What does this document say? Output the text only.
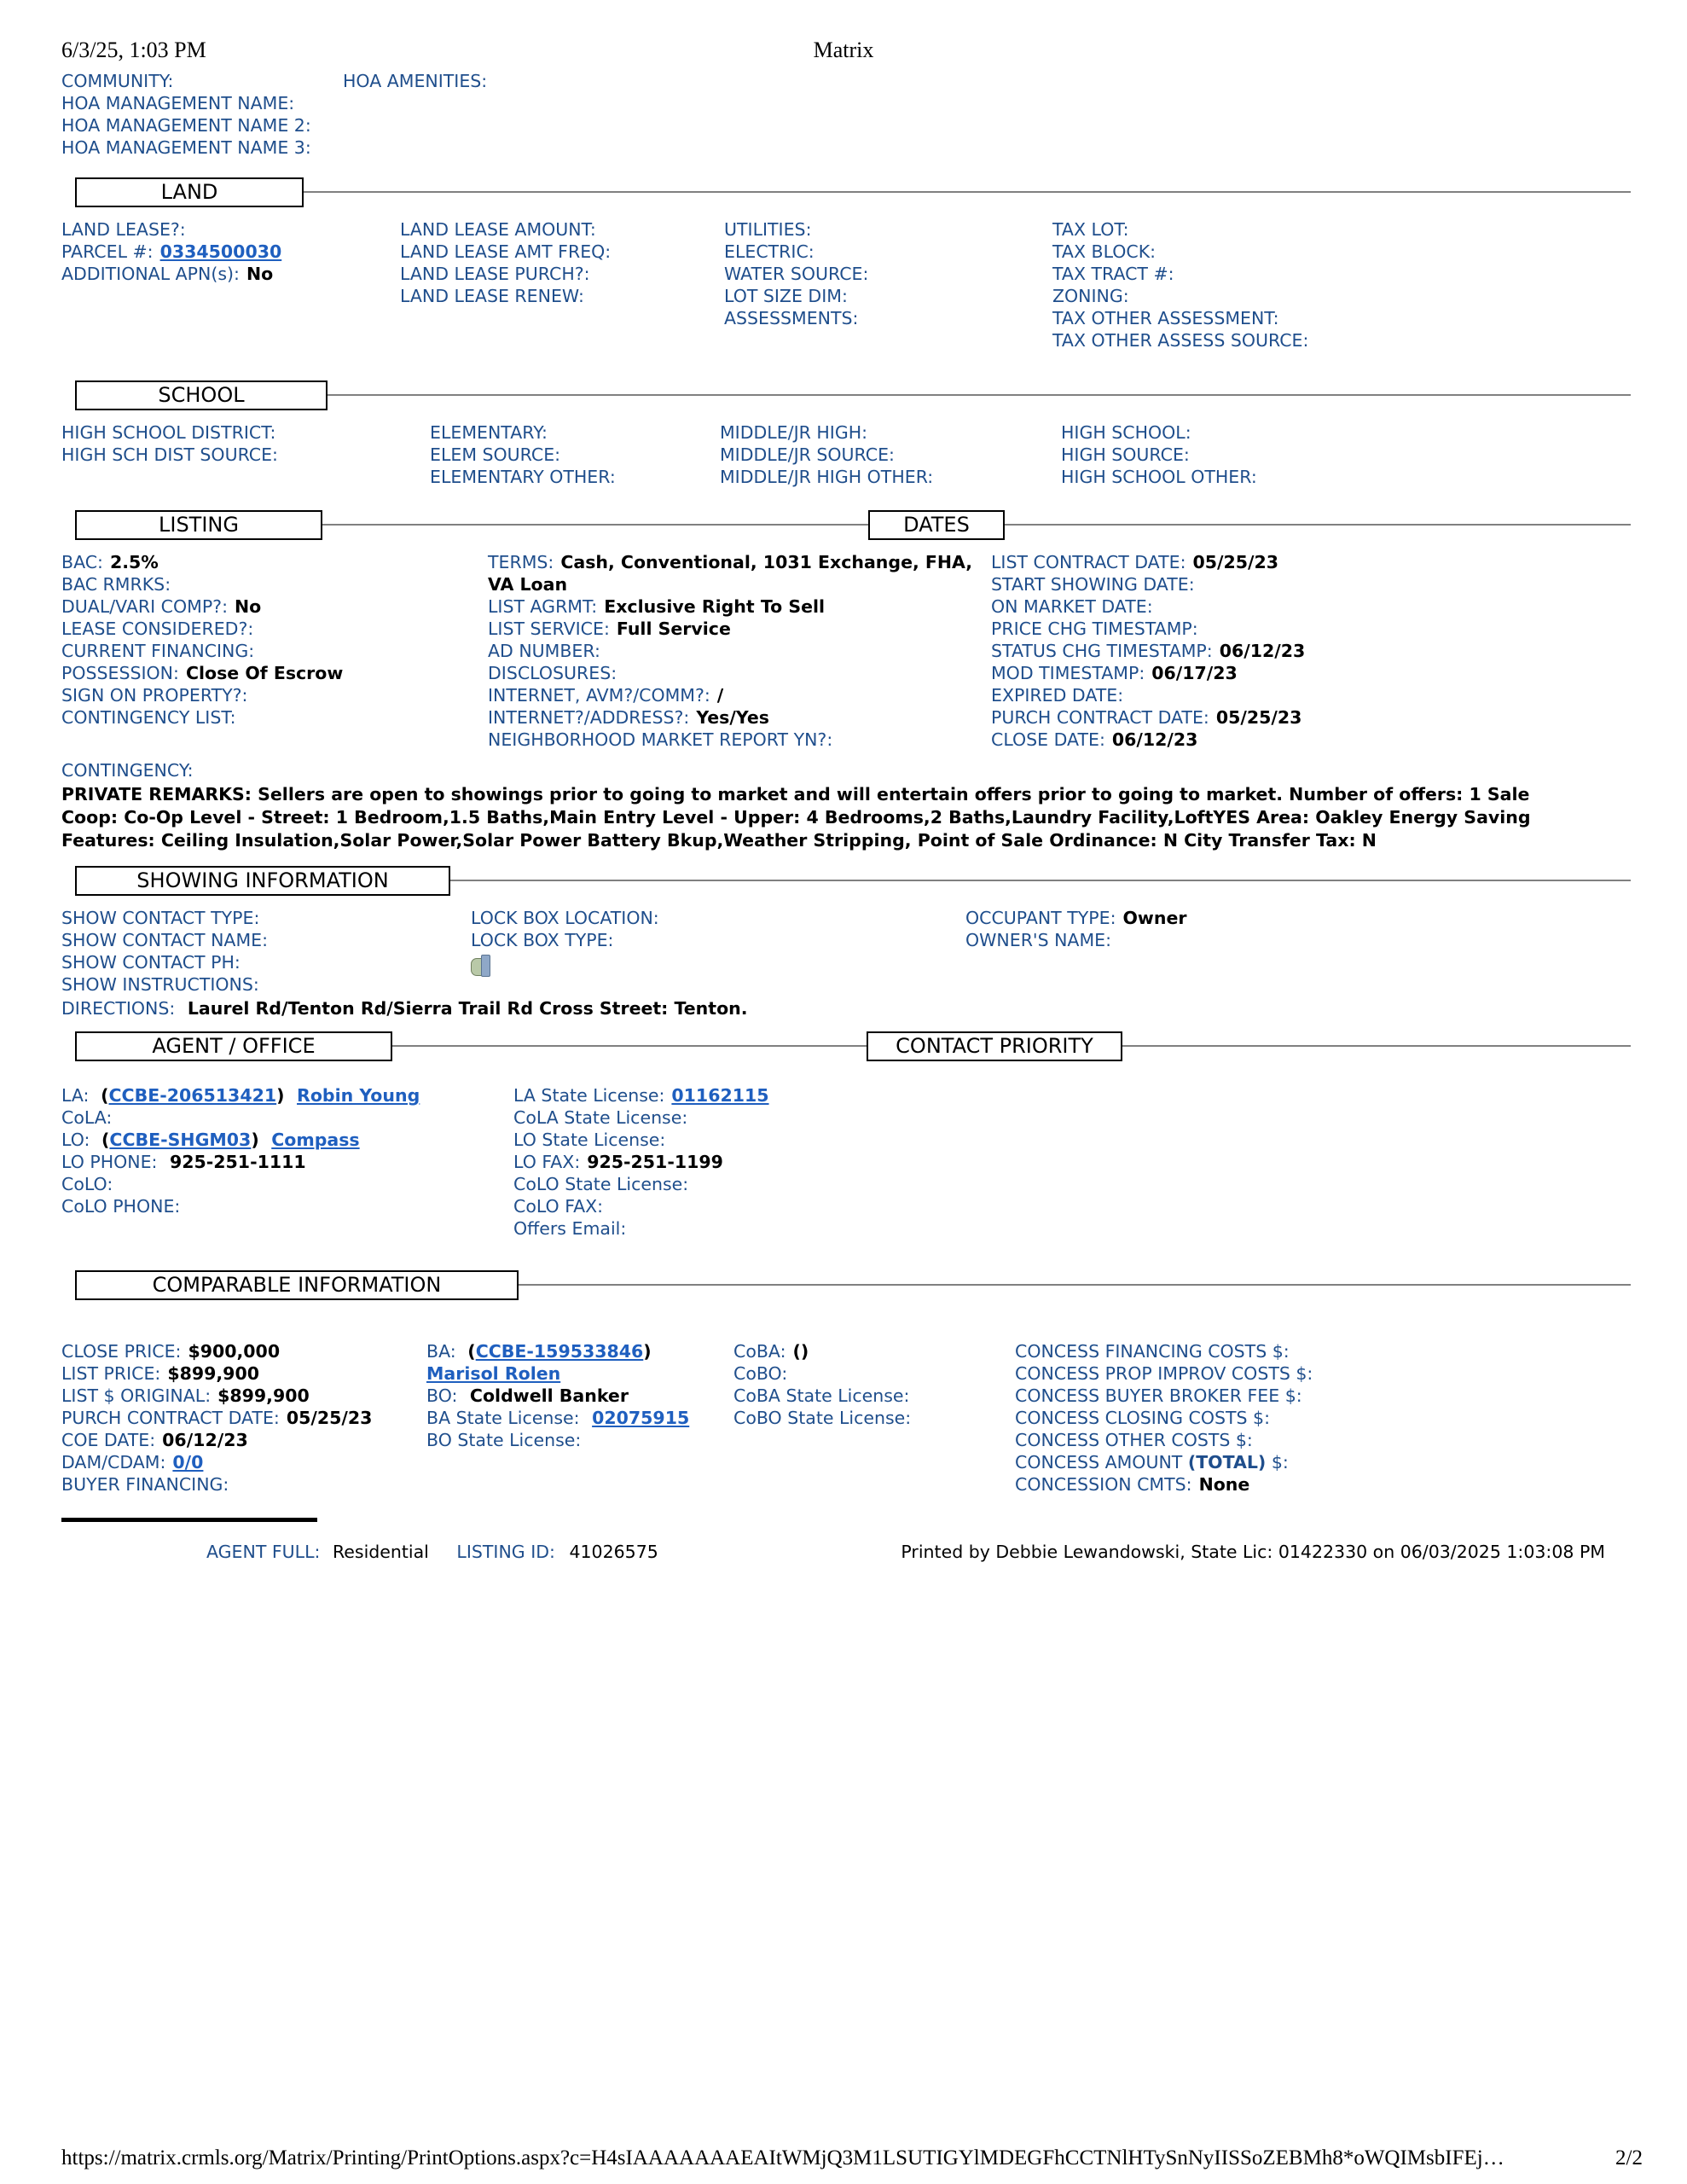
6/3/25, 1:03 PM	Matrix
COMMUNITY:
HOA MANAGEMENT NAME:
HOA MANAGEMENT NAME 2:
HOA MANAGEMENT NAME 3:
HOA AMENITIES:
LAND
LAND LEASE?:
PARCEL #: 0334500030
ADDITIONAL APN(s): No
LAND LEASE AMOUNT:
LAND LEASE AMT FREQ:
LAND LEASE PURCH?:
LAND LEASE RENEW:
UTILITIES:
ELECTRIC:
WATER SOURCE:
LOT SIZE DIM:
ASSESSMENTS:
TAX LOT:
TAX BLOCK:
TAX TRACT #:
ZONING:
TAX OTHER ASSESSMENT:
TAX OTHER ASSESS SOURCE:
SCHOOL
HIGH SCHOOL DISTRICT:
HIGH SCH DIST SOURCE:
ELEMENTARY:
ELEM SOURCE:
ELEMENTARY OTHER:
MIDDLE/JR HIGH:
MIDDLE/JR SOURCE:
MIDDLE/JR HIGH OTHER:
HIGH SCHOOL:
HIGH SOURCE:
HIGH SCHOOL OTHER:
LISTING	DATES
BAC: 2.5%
BAC RMRKS:
DUAL/VARI COMP?: No
LEASE CONSIDERED?:
CURRENT FINANCING:
POSSESSION: Close Of Escrow
SIGN ON PROPERTY?:
CONTINGENCY LIST:
TERMS: Cash, Conventional, 1031 Exchange, FHA, VA Loan
LIST AGRMT: Exclusive Right To Sell
LIST SERVICE: Full Service
AD NUMBER:
DISCLOSURES:
INTERNET, AVM?/COMM?: /
INTERNET?/ADDRESS?: Yes/Yes
NEIGHBORHOOD MARKET REPORT YN?:
LIST CONTRACT DATE: 05/25/23
START SHOWING DATE:
ON MARKET DATE:
PRICE CHG TIMESTAMP:
STATUS CHG TIMESTAMP: 06/12/23
MOD TIMESTAMP: 06/17/23
EXPIRED DATE:
PURCH CONTRACT DATE: 05/25/23
CLOSE DATE: 06/12/23
CONTINGENCY:
PRIVATE REMARKS: Sellers are open to showings prior to going to market and will entertain offers prior to going to market. Number of offers: 1 Sale Coop: Co-Op Level - Street: 1 Bedroom,1.5 Baths,Main Entry Level - Upper: 4 Bedrooms,2 Baths,Laundry Facility,LoftYES Area: Oakley Energy Saving Features: Ceiling Insulation,Solar Power,Solar Power Battery Bkup,Weather Stripping, Point of Sale Ordinance: N City Transfer Tax: N
SHOWING INFORMATION
SHOW CONTACT TYPE:
SHOW CONTACT NAME:
SHOW CONTACT PH:
SHOW INSTRUCTIONS:
LOCK BOX LOCATION:
LOCK BOX TYPE:
OCCUPANT TYPE: Owner
OWNER'S NAME:
DIRECTIONS: Laurel Rd/Tenton Rd/Sierra Trail Rd Cross Street: Tenton.
AGENT / OFFICE	CONTACT PRIORITY
LA:  (CCBE-206513421) Robin Young
CoLA:
LO:  (CCBE-SHGM03) Compass
LO PHONE: 925-251-1111
CoLO:
CoLO PHONE:
LA State License: 01162115
CoLA State License:
LO State License:
LO FAX: 925-251-1199
CoLO State License:
CoLO FAX:
Offers Email:
COMPARABLE INFORMATION
CLOSE PRICE: $900,000
LIST PRICE: $899,900
LIST $ ORIGINAL: $899,900
PURCH CONTRACT DATE: 05/25/23
COE DATE: 06/12/23
DAM/CDAM: 0/0
BUYER FINANCING:
BA:  (CCBE-159533846)
Marisol Rolen
BO: Coldwell Banker
BA State License: 02075915
BO State License:
CoBA: ()
CoBO:
CoBA State License:
CoBO State License:
CONCESS FINANCING COSTS $:
CONCESS PROP IMPROV COSTS $:
CONCESS BUYER BROKER FEE $:
CONCESS CLOSING COSTS $:
CONCESS OTHER COSTS $:
CONCESS AMOUNT (TOTAL) $:
CONCESSION CMTS: None
AGENT FULL: Residential LISTING ID: 41026575	Printed by Debbie Lewandowski, State Lic: 01422330 on 06/03/2025 1:03:08 PM
https://matrix.crmls.org/Matrix/Printing/PrintOptions.aspx?c=H4sIAAAAAAAEAItWMjQ3M1LSUTIGYlMDEGFhCCTNlHTySnNyIISSoZEBMh8*oWQIMsbIFEj…	2/2
